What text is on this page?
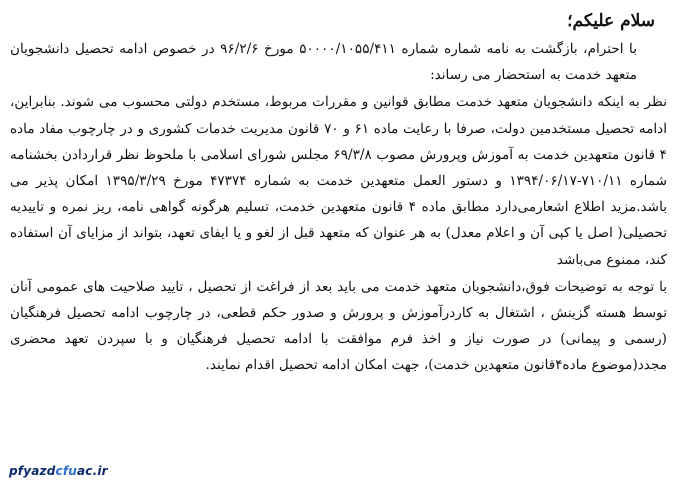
سلام علیکم؛

با احترام، بازگشت به نامه شماره شماره ۵۰۰۰۰/۱۰۵۵/۴۱۱ مورخ ۹۶/۲/۶ در خصوص ادامه تحصیل دانشجویان متعهد خدمت به استحضار می رساند:

نظر به اینکه دانشجویان متعهد خدمت مطابق قوانین و مقررات مربوط، مستخدم دولتی محسوب می شوند. بنابراین، ادامه تحصیل مستخدمین دولت، صرفا با رعایت ماده ۶۱ و ۷۰ قانون مدیریت خدمات کشوری و در چارچوب مفاد ماده ۴ قانون متعهدین خدمت به آموزش وپرورش مصوب ۶۹/۳/۸ مجلس شورای اسلامی با ملحوظ نظر قراردادن بخشنامه شماره ۷۱۰/۱۱-۱۳۹۴/۰۶/۱۷ و دستور العمل متعهدین خدمت به شماره ۴۷۳۷۴ مورخ ۱۳۹۵/۳/۲۹ امکان پذیر می باشد.مزید اطلاع اشعارمی‌دارد مطابق ماده ۴ قانون متعهدین خدمت، تسلیم هرگونه گواهی نامه، ریز نمره و تاییدیه تحصیلی( اصل یا کپی آن و اعلام معدل) به هر عنوان که متعهد قبل از لغو و یا ایفای تعهد، بتواند از مزایای آن استفاده کند، ممنوع می‌باشد

با توجه به توضیحات فوق،دانشجویان متعهد خدمت می باید بعد از فراغت از تحصیل ، تایید صلاحیت های عمومی آنان توسط هسته گزینش ، اشتغال به کاردرآموزش و پرورش و صدور حکم قطعی، در چارچوب ادامه تحصیل فرهنگیان (رسمی و پیمانی) در صورت نیاز و اخذ فرم موافقت با ادامه تحصیل فرهنگیان و با سپردن تعهد محضری مجدد(موضوع ماده۴قانون متعهدین خدمت)، جهت امکان ادامه تحصیل اقدام نمایند.

pfyazdcfuac.ir
